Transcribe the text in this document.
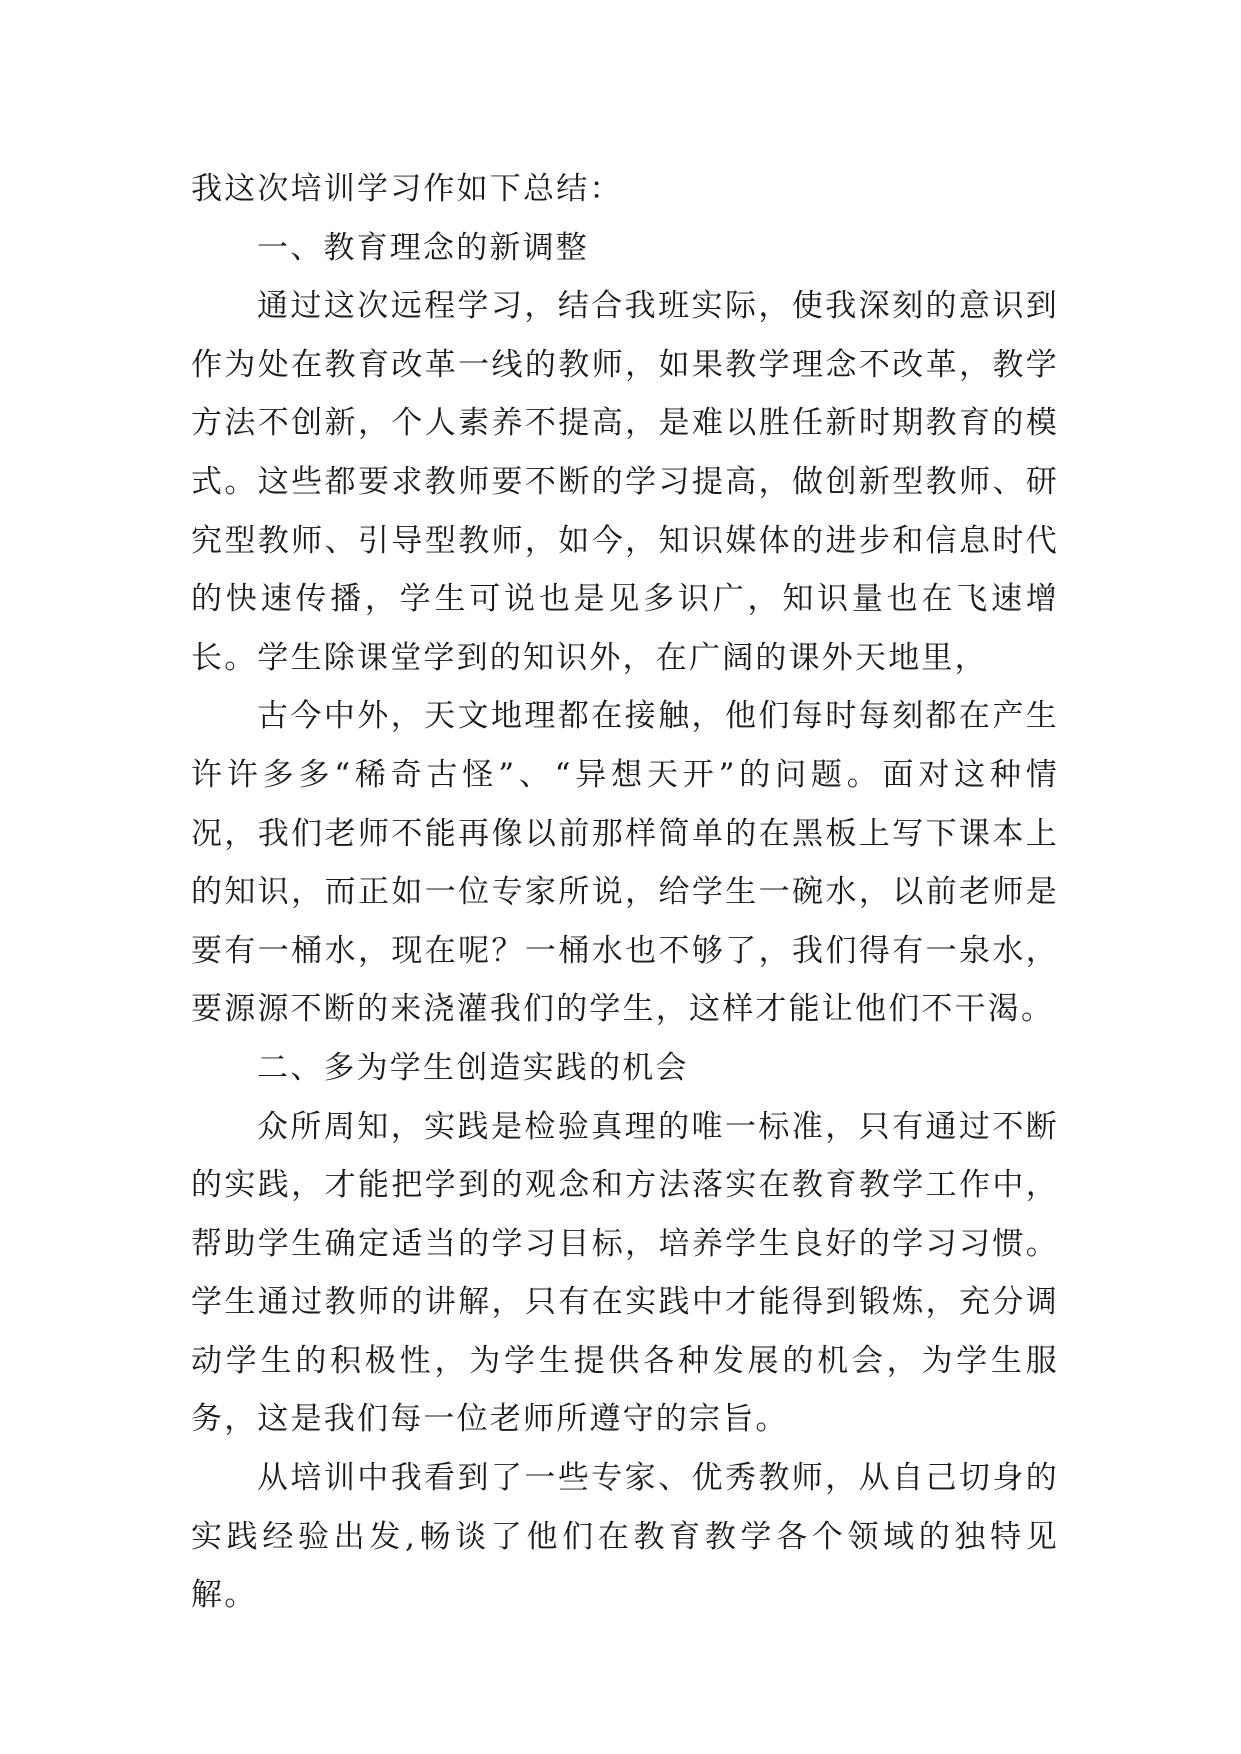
我这次培训学习作如下总结：

一、教育理念的新调整

通过这次远程学习，结合我班实际，使我深刻的意识到作为处在教育改革一线的教师，如果教学理念不改革，教学方法不创新，个人素养不提高，是难以胜任新时期教育的模式。这些都要求教师要不断的学习提高，做创新型教师、研究型教师、引导型教师，如今，知识媒体的进步和信息时代的快速传播，学生可说也是见多识广，知识量也在飞速增长。学生除课堂学到的知识外，在广阔的课外天地里，

古今中外，天文地理都在接触，他们每时每刻都在产生许许多多“稀奇古怪”、“异想天开”的问题。面对这种情况，我们老师不能再像以前那样简单的在黑板上写下课本上的知识，而正如一位专家所说，给学生一碗水，以前老师是要有一桶水，现在呢？一桶水也不够了，我们得有一泉水，要源源不断的来浇灌我们的学生，这样才能让他们不干渴。

二、多为学生创造实践的机会

众所周知，实践是检验真理的唯一标准，只有通过不断的实践，才能把学到的观念和方法落实在教育教学工作中，帮助学生确定适当的学习目标，培养学生良好的学习习惯。学生通过教师的讲解，只有在实践中才能得到锻炼，充分调动学生的积极性，为学生提供各种发展的机会，为学生服务，这是我们每一位老师所遵守的宗旨。

从培训中我看到了一些专家、优秀教师，从自己切身的实践经验出发,畅谈了他们在教育教学各个领域的独特见解。
